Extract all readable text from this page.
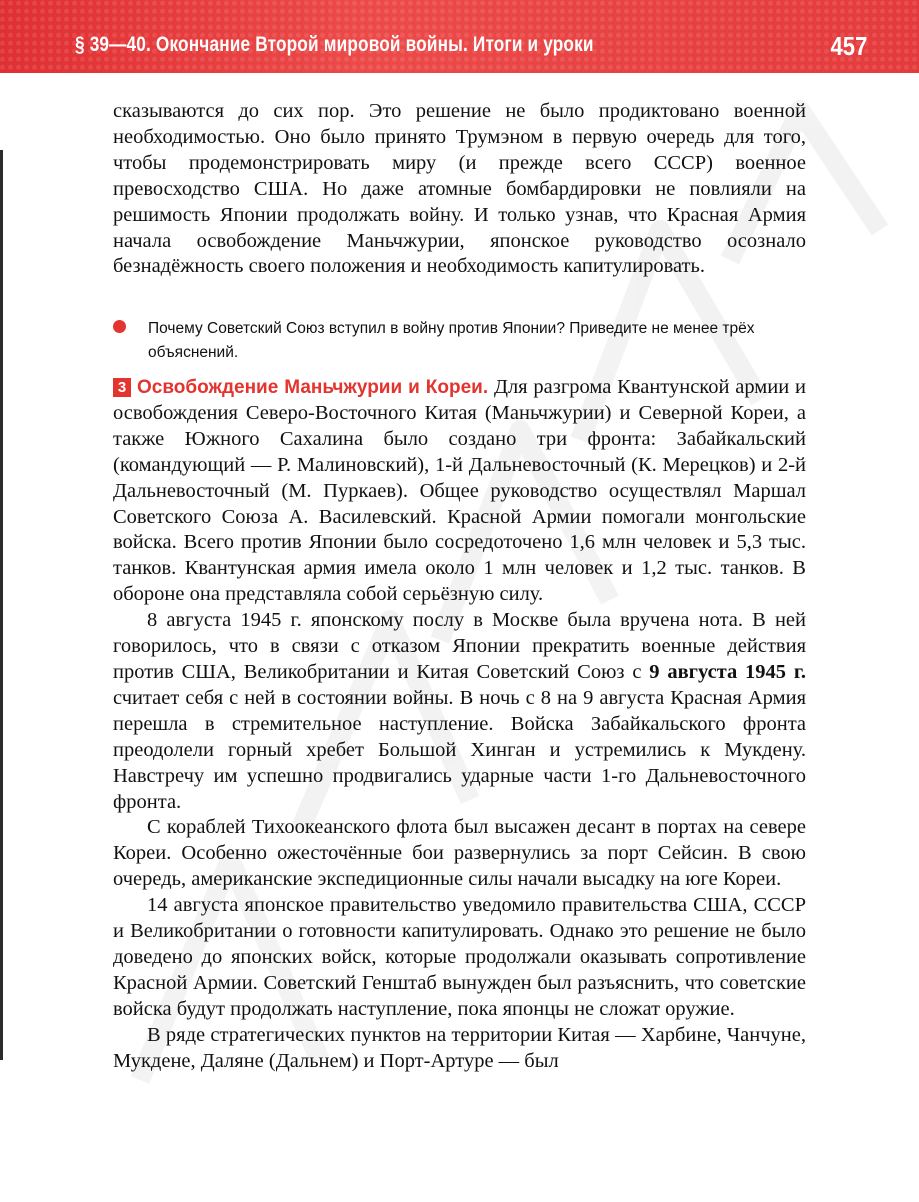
§ 39—40. Окончание Второй мировой войны. Итоги и уроки	457

сказываются до сих пор. Это решение не было продиктовано военной необходимостью. Оно было принято Трумэном в первую очередь для того, чтобы продемонстрировать миру (и прежде всего СССР) военное превосходство США. Но даже атомные бомбардировки не повлияли на решимость Японии продолжать войну. И только узнав, что Красная Армия начала освобождение Маньчжурии, японское руководство осознало безнадёжность своего положения и необходимость капитулировать.

Почему Советский Союз вступил в войну против Японии? Приведите не менее трёх объяснений.

3 Освобождение Маньчжурии и Кореи. Для разгрома Квантунской армии и освобождения Северо-Восточного Китая (Маньчжурии) и Северной Кореи, а также Южного Сахалина было создано три фронта: Забайкальский (командующий — Р. Малиновский), 1-й Дальневосточный (К. Мерецков) и 2-й Дальневосточный (М. Пуркаев). Общее руководство осуществлял Маршал Советского Союза А. Василевский. Красной Армии помогали монгольские войска. Всего против Японии было сосредоточено 1,6 млн человек и 5,3 тыс. танков. Квантунская армия имела около 1 млн человек и 1,2 тыс. танков. В обороне она представляла собой серьёзную силу.

8 августа 1945 г. японскому послу в Москве была вручена нота. В ней говорилось, что в связи с отказом Японии прекратить военные действия против США, Великобритании и Китая Советский Союз с 9 августа 1945 г. считает себя с ней в состоянии войны. В ночь с 8 на 9 августа Красная Армия перешла в стремительное наступление. Войска Забайкальского фронта преодолели горный хребет Большой Хинган и устремились к Мукдену. Навстречу им успешно продвигались ударные части 1-го Дальневосточного фронта.

С кораблей Тихоокеанского флота был высажен десант в портах на севере Кореи. Особенно ожесточённые бои развернулись за порт Сейсин. В свою очередь, американские экспедиционные силы начали высадку на юге Кореи.

14 августа японское правительство уведомило правительства США, СССР и Великобритании о готовности капитулировать. Однако это решение не было доведено до японских войск, которые продолжали оказывать сопротивление Красной Армии. Советский Генштаб вынужден был разъяснить, что советские войска будут продолжать наступление, пока японцы не сложат оружие.

В ряде стратегических пунктов на территории Китая — Харбине, Чанчуне, Мукдене, Даляне (Дальнем) и Порт-Артуре — был
